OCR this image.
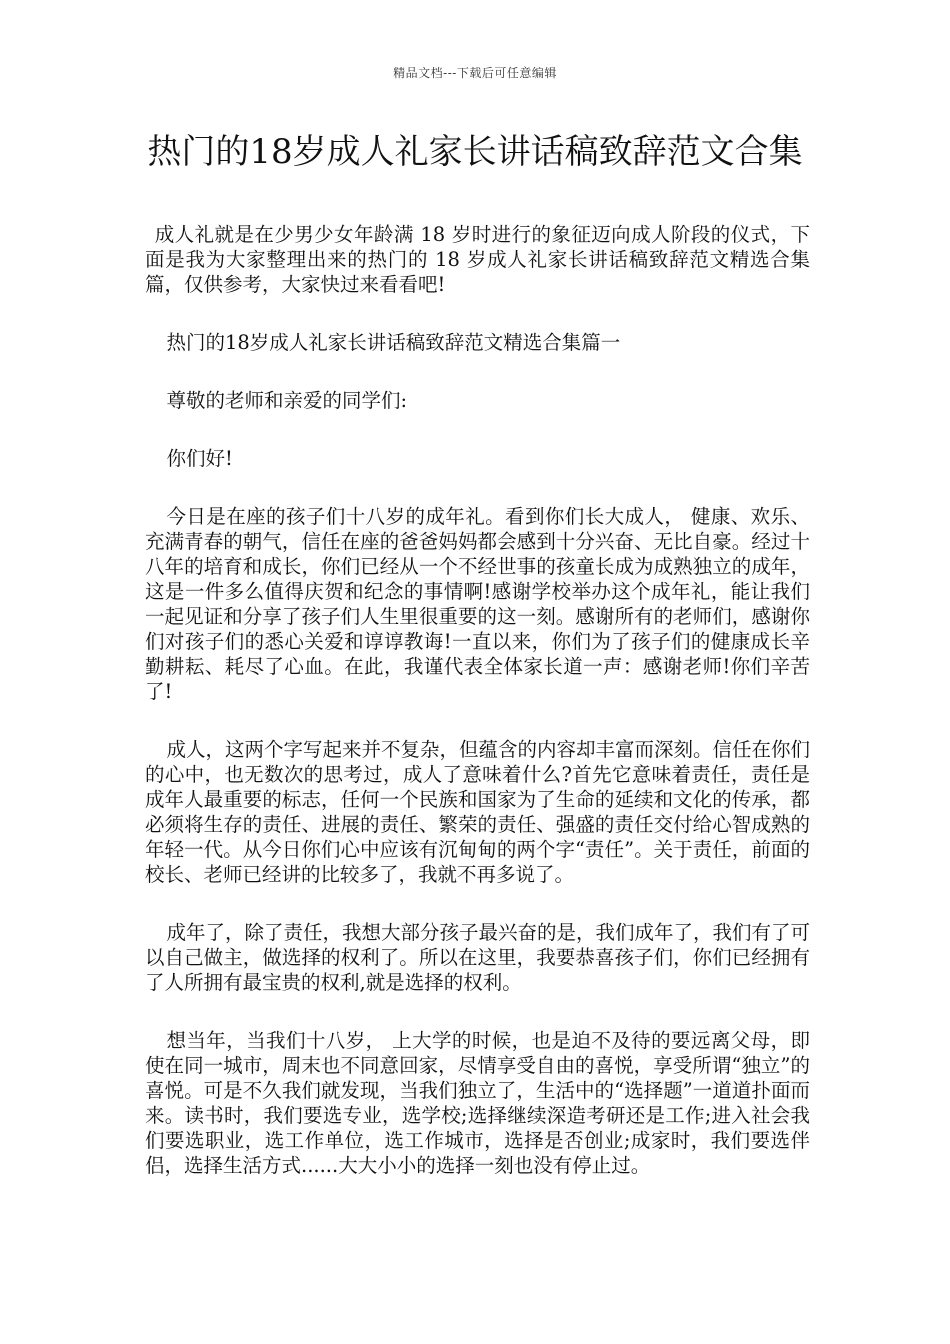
精品文档---下载后可任意编辑
热门的18岁成人礼家长讲话稿致辞范文合集

成人礼就是在少男少女年龄满 18 岁时进行的象征迈向成人阶段的仪式，下面是我为大家整理出来的热门的 18 岁成人礼家长讲话稿致辞范文精选合集篇，仅供参考，大家快过来看看吧!

热门的18岁成人礼家长讲话稿致辞范文精选合集篇一

尊敬的老师和亲爱的同学们:

你们好!

今日是在座的孩子们十八岁的成年礼。看到你们长大成人， 健康、欢乐、充满青春的朝气，信任在座的爸爸妈妈都会感到十分兴奋、无比自豪。经过十八年的培育和成长，你们已经从一个不经世事的孩童长成为成熟独立的成年，这是一件多么值得庆贺和纪念的事情啊!感谢学校举办这个成年礼，能让我们一起见证和分享了孩子们人生里很重要的这一刻。感谢所有的老师们，感谢你们对孩子们的悉心关爱和谆谆教诲!一直以来，你们为了孩子们的健康成长辛勤耕耘、耗尽了心血。在此，我谨代表全体家长道一声：感谢老师!你们辛苦了!

成人，这两个字写起来并不复杂，但蕴含的内容却丰富而深刻。信任在你们的心中，也无数次的思考过，成人了意味着什么?首先它意味着责任，责任是成年人最重要的标志，任何一个民族和国家为了生命的延续和文化的传承，都必须将生存的责任、进展的责任、繁荣的责任、强盛的责任交付给心智成熟的年轻一代。从今日你们心中应该有沉甸甸的两个字“责任”。关于责任，前面的校长、老师已经讲的比较多了，我就不再多说了。

成年了，除了责任，我想大部分孩子最兴奋的是，我们成年了，我们有了可以自己做主，做选择的权利了。所以在这里，我要恭喜孩子们，你们已经拥有了人所拥有最宝贵的权利,就是选择的权利。

想当年，当我们十八岁， 上大学的时候，也是迫不及待的要远离父母，即使在同一城市，周末也不同意回家，尽情享受自由的喜悦，享受所谓“独立”的喜悦。可是不久我们就发现，当我们独立了，生活中的“选择题”一道道扑面而来。读书时，我们要选专业，选学校;选择继续深造考研还是工作;进入社会我们要选职业，选工作单位，选工作城市，选择是否创业;成家时，我们要选伴侣，选择生活方式......大大小小的选择一刻也没有停止过。
